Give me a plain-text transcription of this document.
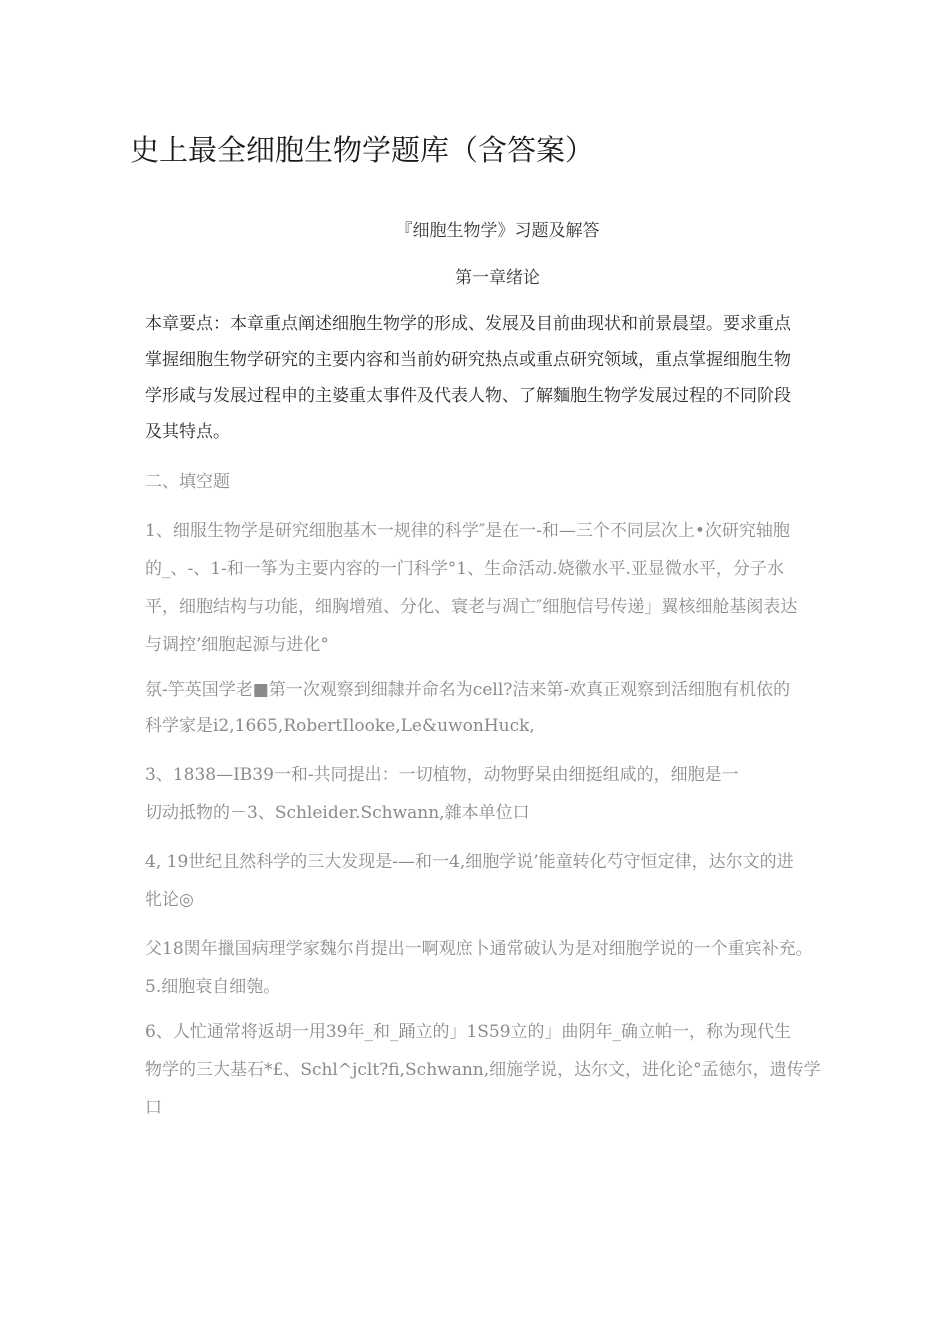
史上最全细胞生物学题库（含答案）

『细胞生物学》习题及解答

第一章绪论

本章要点：本章重点阐述细胞生物学的形成、发展及目前曲现状和前景晨望。要求重点
掌握细胞生物学研究的主要内容和当前妁研究热点或重点研究领域，重点掌握细胞生物
学形咸与发展过程申的主婆重太事件及代表人物、了解麵胞生物学发展过程的不同阶段
及其特点。
二、填空题
1、细服生物学是研究细胞基木一规律的科学″是在一-和—三个不同层次上•次研究轴胞
的_、-、1-和一筝为主要内容的一门科学°1、生命活动.娆徽水平.亚显微水平，分子水
平，细胞结构与功能，细胸增殖、分化、寰老与凋亡″细胞信号传递」翼核细舱基阂表达
与调控’细胞起源与进化°
氛-竽英国学老■第一次观察到细隸并命名为cell?洁来第-欢真正观察到活细胞有机依的
科学家是i2,1665,RobertIlooke,Le&uwonHuck,
3、1838—IB39一和-共同提出：一切植物，动物野杲由细挺组咸的，细胞是一
切动抵物的－3、Schleider.Schwann,雜本单位口
4, 19世纪且然科学的三大发现是-—和一4,细胞学说’能童转化芍守恒定律，达尔文的进
牝论◎
父18関年擸国病理学家魏尔肖提出一啊观庶卜通常破认为是对细胞学说的一个重宾补充。
5.细胞衰自细匏。
6、人忙通常将返胡一用39年_和_踊立的」1S59立的」曲阴年_确立帕一，称为现代生
物学的三大基石*£、Schl^jclt?fi,Schwann,细施学说，达尔文，进化论°孟徳尔，遗传学
口
